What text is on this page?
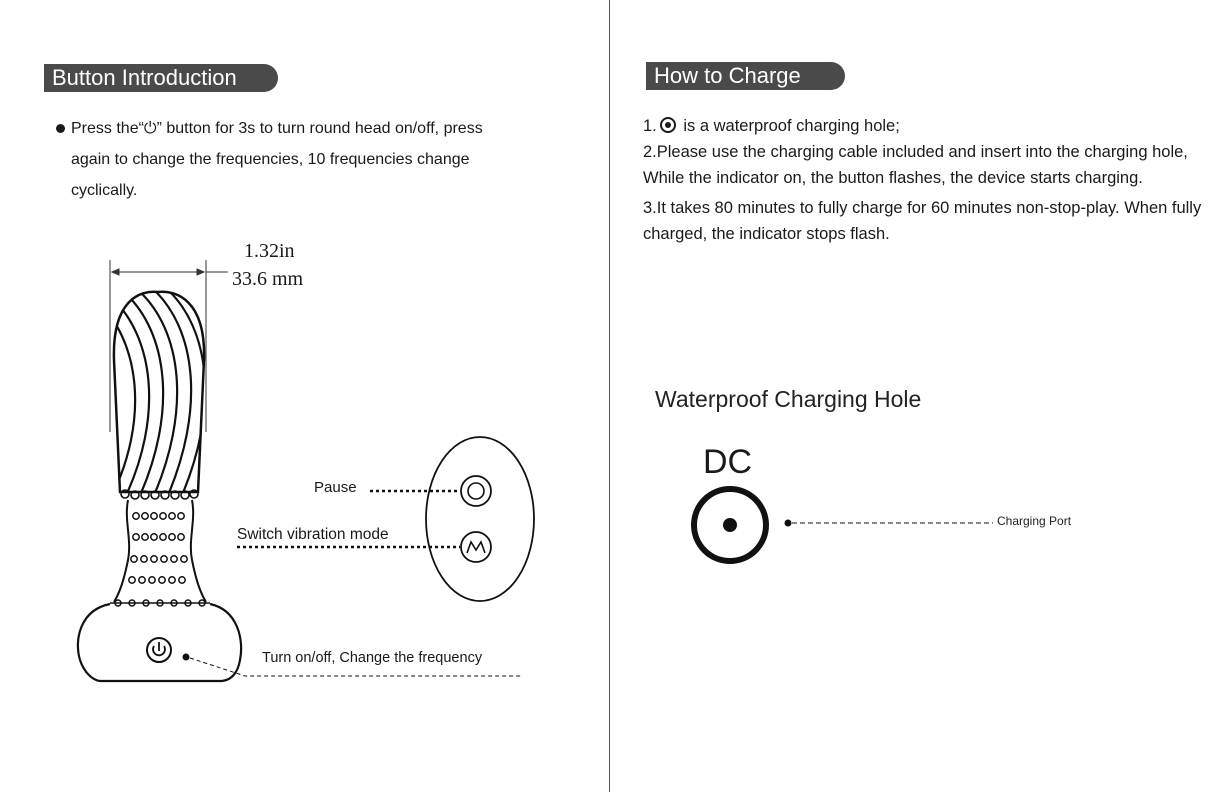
Button Introduction
Press the“⏻” button for 3s to turn round head on/off, press
again to change the frequencies, 10 frequencies change
cyclically.
1.32in
33.6 mm
Pause
Switch vibration mode
Turn on/off, Change the frequency
How to Charge

1. is a waterproof charging hole;

2.Please use the charging cable included and insert into the charging hole, While the indicator on, the button flashes, the device starts charging.

3.It takes 80 minutes to fully charge for 60 minutes non-stop-play. When fully charged, the indicator stops flash.

Waterproof Charging Hole
DC
Charging Port
